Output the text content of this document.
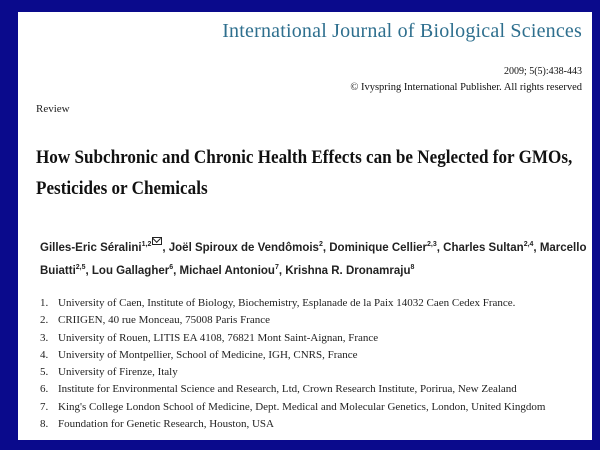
International Journal of Biological Sciences
2009; 5(5):438-443
© Ivyspring International Publisher. All rights reserved
Review
How Subchronic and Chronic Health Effects can be Neglected for GMOs,
Pesticides or Chemicals
Gilles-Eric Séralini$^{1,2}$ , Joël Spiroux de Vendômois$^2$, Dominique Cellier$^{2,3}$, Charles Sultan$^{2,4}$, Marcello Buiatti$^{2,5}$, Lou Gallagher$^6$, Michael Antoniou$^7$, Krishna R. Dronamraju$^8$
1. University of Caen, Institute of Biology, Biochemistry, Esplanade de la Paix 14032 Caen Cedex France.
2. CRIIGEN, 40 rue Monceau, 75008 Paris France
3. University of Rouen, LITIS EA 4108, 76821 Mont Saint-Aignan, France
4. University of Montpellier, School of Medicine, IGH, CNRS, France
5. University of Firenze, Italy
6. Institute for Environmental Science and Research, Ltd, Crown Research Institute, Porirua, New Zealand
7. King's College London School of Medicine, Dept. Medical and Molecular Genetics, London, United Kingdom
8. Foundation for Genetic Research, Houston, USA
